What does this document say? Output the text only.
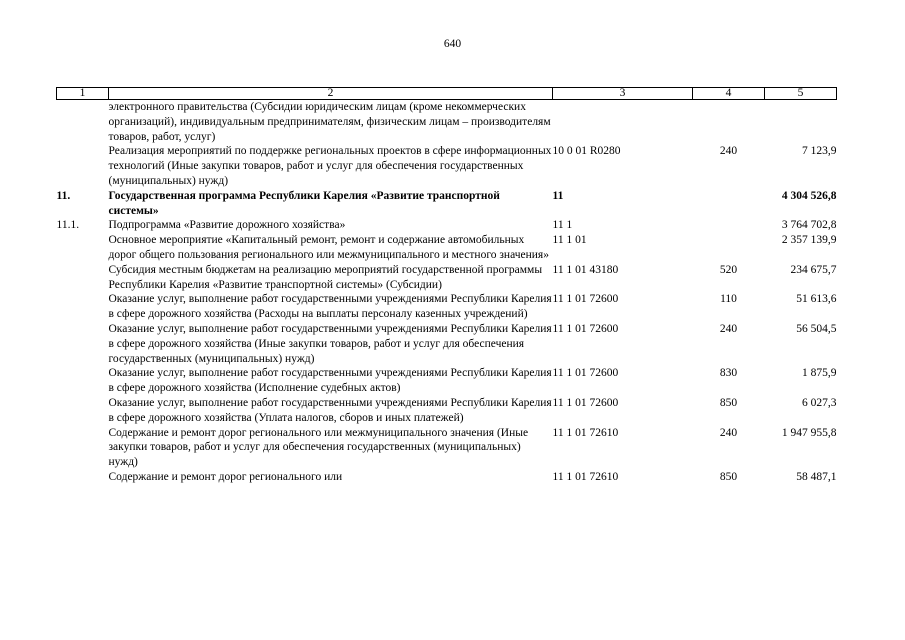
640
1	2	3	4	5
	электронного правительства (Субсидии юридическим лицам (кроме некоммерческих организаций), индивидуальным предпринимателям, физическим лицам – производителям товаров, работ, услуг)			
	Реализация мероприятий по поддержке региональных проектов в сфере информационных технологий (Иные закупки товаров, работ и услуг для обеспечения государственных (муниципальных) нужд)	10 0 01 R0280	240	7 123,9
11.	Государственная программа Республики Карелия «Развитие транспортной системы»	11		4 304 526,8
11.1.	Подпрограмма «Развитие дорожного хозяйства»	11 1		3 764 702,8
	Основное мероприятие «Капитальный ремонт, ремонт и содержание автомобильных дорог общего пользования регионального или межмуниципального и местного значения»	11 1 01		2 357 139,9
	Субсидия местным бюджетам на реализацию мероприятий государственной программы Республики Карелия «Развитие транспортной системы» (Субсидии)	11 1 01 43180	520	234 675,7
	Оказание услуг, выполнение работ государственными учреждениями Республики Карелия в сфере дорожного хозяйства (Расходы на выплаты персоналу казенных учреждений)	11 1 01 72600	110	51 613,6
	Оказание услуг, выполнение работ государственными учреждениями Республики Карелия в сфере дорожного хозяйства (Иные закупки товаров, работ и услуг для обеспечения государственных (муниципальных) нужд)	11 1 01 72600	240	56 504,5
	Оказание услуг, выполнение работ государственными учреждениями Республики Карелия в сфере дорожного хозяйства (Исполнение судебных актов)	11 1 01 72600	830	1 875,9
	Оказание услуг, выполнение работ государственными учреждениями Республики Карелия в сфере дорожного хозяйства (Уплата налогов, сборов и иных платежей)	11 1 01 72600	850	6 027,3
	Содержание и ремонт дорог регионального или межмуниципального значения (Иные закупки товаров, работ и услуг для обеспечения государственных (муниципальных) нужд)	11 1 01 72610	240	1 947 955,8
	Содержание и ремонт дорог регионального или	11 1 01 72610	850	58 487,1
